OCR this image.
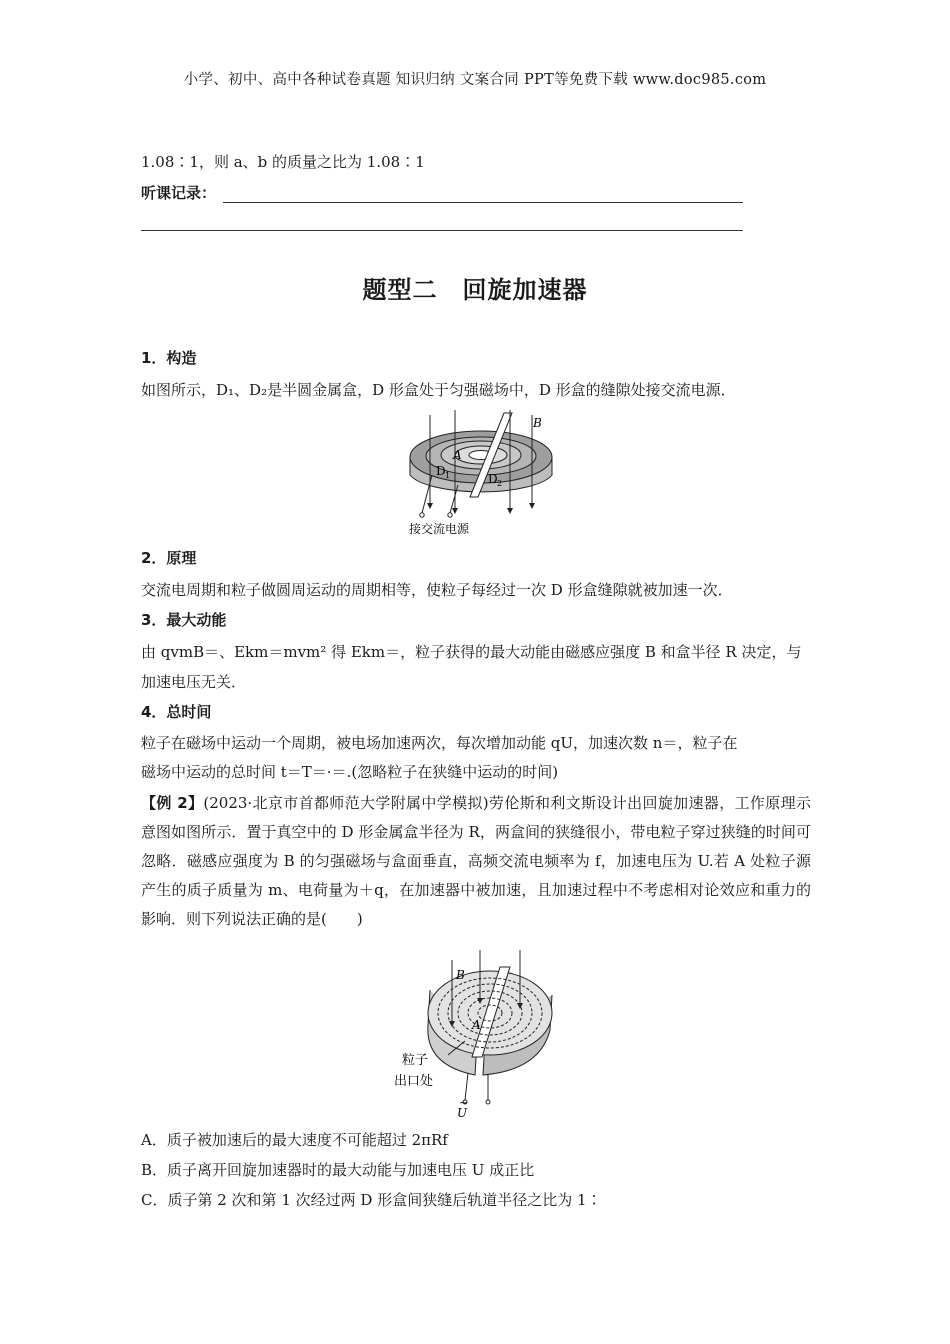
小学、初中、高中各种试卷真题 知识归纳 文案合同 PPT等免费下载 www.doc985.com
1.08∶1，则 a、b 的质量之比为 1.08∶1
听课记录：
题型二　回旋加速器
1．构造
如图所示，D₁、D₂是半圆金属盒，D 形盒处于匀强磁场中，D 形盒的缝隙处接交流电源．
B
A
D 1	D 2
接交流电源
2．原理
交流电周期和粒子做圆周运动的周期相等，使粒子每经过一次 D 形盒缝隙就被加速一次．
3．最大动能
由 qvmB＝、Ekm＝mvm² 得 Ekm＝，粒子获得的最大动能由磁感应强度 B 和盒半径 R 决定，与
加速电压无关．
4．总时间
粒子在磁场中运动一个周期，被电场加速两次，每次增加动能 qU，加速次数 n＝，粒子在
磁场中运动的总时间 t＝T＝·＝.(忽略粒子在狭缝中运动的时间)

【例 2】(2023·北京市首都师范大学附属中学模拟)劳伦斯和利文斯设计出回旋加速器，工作原理示意图如图所示．置于真空中的 D 形金属盒半径为 R，两盒间的狭缝很小，带电粒子穿过狭缝的时间可忽略．磁感应强度为 B 的匀强磁场与盒面垂直，高频交流电频率为 f，加速电压为 U.若 A 处粒子源产生的质子质量为 m、电荷量为＋q，在加速器中被加速，且加速过程中不考虑相对论效应和重力的影响．则下列说法正确的是(　　)

B
A
粒子
出口处
~
U
A．质子被加速后的最大速度不可能超过 2πRf
B．质子离开回旋加速器时的最大动能与加速电压 U 成正比
C．质子第 2 次和第 1 次经过两 D 形盒间狭缝后轨道半径之比为 1∶
